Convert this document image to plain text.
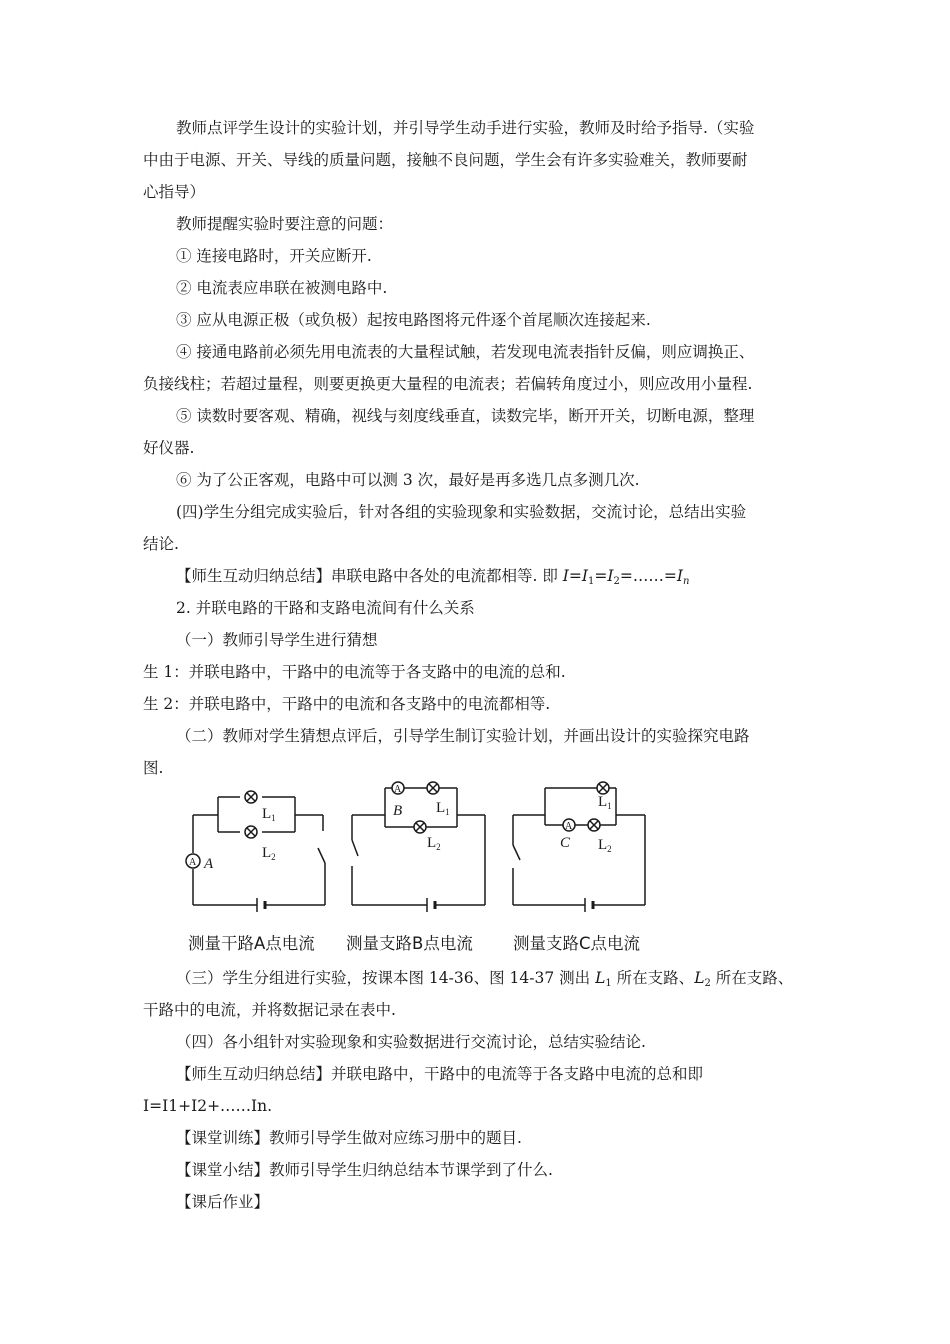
教师点评学生设计的实验计划，并引导学生动手进行实验，教师及时给予指导.（实验
中由于电源、开关、导线的质量问题，接触不良问题，学生会有许多实验难关，教师要耐
心指导）
教师提醒实验时要注意的问题：
① 连接电路时，开关应断开.
② 电流表应串联在被测电路中.
③ 应从电源正极（或负极）起按电路图将元件逐个首尾顺次连接起来.
④ 接通电路前必须先用电流表的大量程试触，若发现电流表指针反偏，则应调换正、
负接线柱；若超过量程，则要更换更大量程的电流表；若偏转角度过小，则应改用小量程.
⑤ 读数时要客观、精确，视线与刻度线垂直，读数完毕，断开开关，切断电源，整理
好仪器.
⑥ 为了公正客观，电路中可以测 3 次，最好是再多选几点多测几次.
(四)学生分组完成实验后，针对各组的实验现象和实验数据，交流讨论，总结出实验
结论.
【师生互动归纳总结】串联电路中各处的电流都相等. 即 $I=I_1=I_2=\dots\dots=I_n$
2. 并联电路的干路和支路电流间有什么关系
（一）教师引导学生进行猜想
生 1：并联电路中，干路中的电流等于各支路中的电流的总和.
生 2：并联电路中，干路中的电流和各支路中的电流都相等.
（二）教师对学生猜想点评后，引导学生制订实验计划，并画出设计的实验探究电路
图.
$L_1$
$L_2$
A A
A
B $L_1$
$L_2$
$L_1$
A
C $L_2$
测量干路A点电流 测量支路B点电流 测量支路C点电流
（三）学生分组进行实验，按课本图 14-36、图 14-37 测出 $L_1$ 所在支路、$L_2$ 所在支路、
干路中的电流，并将数据记录在表中.
（四）各小组针对实验现象和实验数据进行交流讨论，总结实验结论.
【师生互动归纳总结】并联电路中，干路中的电流等于各支路中电流的总和即
I=I1+I2+……In.
【课堂训练】教师引导学生做对应练习册中的题目.
【课堂小结】教师引导学生归纳总结本节课学到了什么.
【课后作业】
